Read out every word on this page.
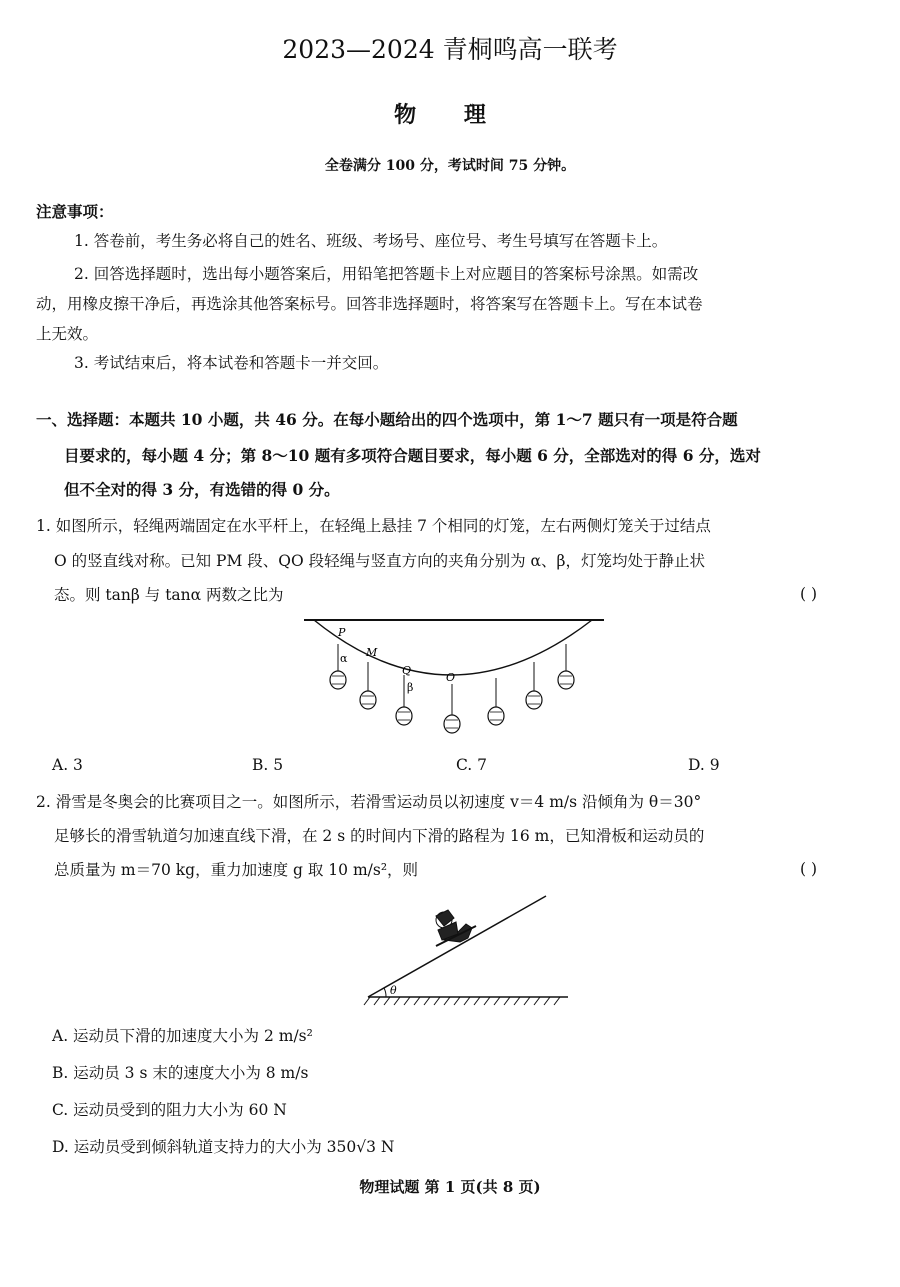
2023—2024 青桐鸣高一联考
物 理
全卷满分 100 分，考试时间 75 分钟。
注意事项：
1. 答卷前，考生务必将自己的姓名、班级、考场号、座位号、考生号填写在答题卡上。
2. 回答选择题时，选出每小题答案后，用铅笔把答题卡上对应题目的答案标号涂黑。如需改
动，用橡皮擦干净后，再选涂其他答案标号。回答非选择题时，将答案写在答题卡上。写在本试卷
上无效。
3. 考试结束后，将本试卷和答题卡一并交回。
一、选择题：本题共 10 小题，共 46 分。在每小题给出的四个选项中，第 1～7 题只有一项是符合题
目要求的，每小题 4 分；第 8～10 题有多项符合题目要求，每小题 6 分，全部选对的得 6 分，选对
但不全对的得 3 分，有选错的得 0 分。
1. 如图所示，轻绳两端固定在水平杆上，在轻绳上悬挂 7 个相同的灯笼，左右两侧灯笼关于过结点
O 的竖直线对称。已知 PM 段、QO 段轻绳与竖直方向的夹角分别为 α、β，灯笼均处于静止状
态。则 tanβ 与 tanα 两数之比为	( )
P
α M
Q
β
O
A. 3	B. 5	C. 7	D. 9
2. 滑雪是冬奥会的比赛项目之一。如图所示，若滑雪运动员以初速度 v＝4 m/s 沿倾角为 θ＝30°
足够长的滑雪轨道匀加速直线下滑，在 2 s 的时间内下滑的路程为 16 m，已知滑板和运动员的
总质量为 m＝70 kg，重力加速度 g 取 10 m/s²，则	( )
θ
A. 运动员下滑的加速度大小为 2 m/s²
B. 运动员 3 s 末的速度大小为 8 m/s
C. 运动员受到的阻力大小为 60 N
D. 运动员受到倾斜轨道支持力的大小为 350√3 N
物理试题 第 1 页(共 8 页)
